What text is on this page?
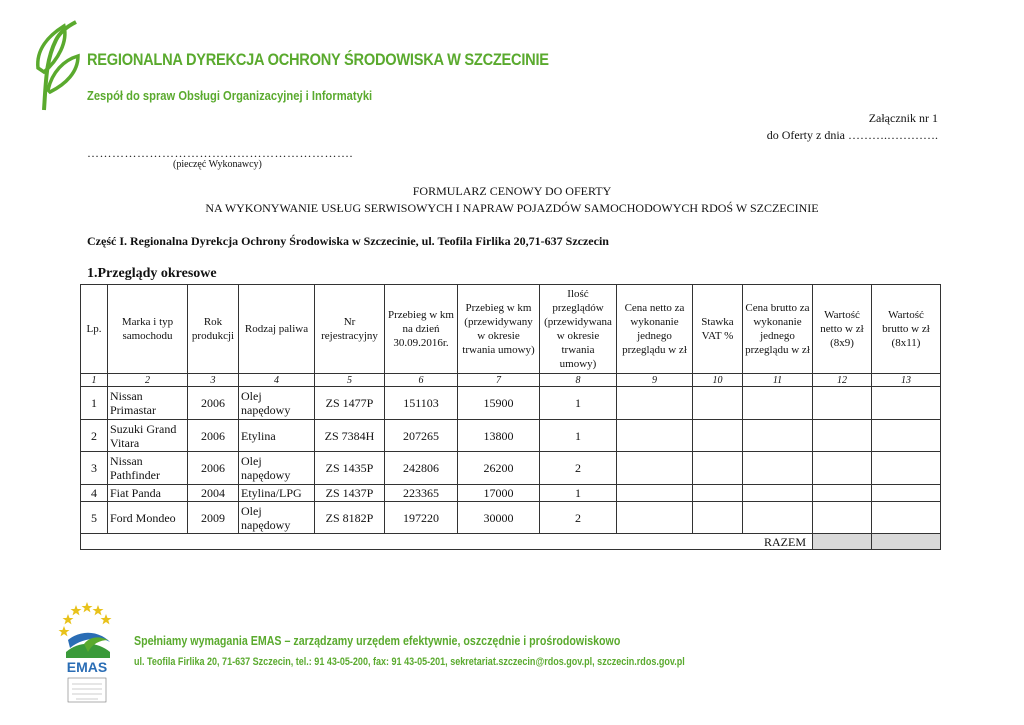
REGIONALNA DYREKCJA OCHRONY ŚRODOWISKA W SZCZECINIE
Zespół do spraw Obsługi Organizacyjnej i Informatyki
Załącznik nr 1
do Oferty z dnia ……….………….
……………………………………………………….
(pieczęć Wykonawcy)
FORMULARZ CENOWY DO OFERTY
NA WYKONYWANIE USŁUG SERWISOWYCH I NAPRAW POJAZDÓW SAMOCHODOWYCH RDOŚ W SZCZECINIE
Część I. Regionalna Dyrekcja Ochrony Środowiska w Szczecinie, ul. Teofila Firlika 20,71-637 Szczecin
1.Przeglądy okresowe
Lp.	Marka i typ samochodu	Rok produkcji	Rodzaj paliwa	Nr rejestracyjny	Przebieg w km na dzień 30.09.2016r.	Przebieg w km (przewidywany w okresie trwania umowy)	Ilość przeglądów (przewidywana w okresie trwania umowy)	Cena netto za wykonanie jednego przeglądu w zł	Stawka VAT %	Cena brutto za wykonanie jednego przeglądu w zł	Wartość netto w zł (8x9)	Wartość brutto w zł (8x11)
1	2	3	4	5	6	7	8	9	10	11	12	13
1	Nissan Primastar	2006	Olej napędowy	ZS 1477P	151103	15900	1					
2	Suzuki Grand Vitara	2006	Etylina	ZS 7384H	207265	13800	1					
3	Nissan Pathfinder	2006	Olej napędowy	ZS 1435P	242806	26200	2					
4	Fiat Panda	2004	Etylina/LPG	ZS 1437P	223365	17000	1					
5	Ford Mondeo	2009	Olej napędowy	ZS 8182P	197220	30000	2					
RAZEM												
EMAS
Spełniamy wymagania EMAS – zarządzamy urzędem efektywnie, oszczędnie i prośrodowiskowo
ul. Teofila Firlika 20, 71-637 Szczecin, tel.: 91 43-05-200, fax: 91 43-05-201, sekretariat.szczecin@rdos.gov.pl, szczecin.rdos.gov.pl
